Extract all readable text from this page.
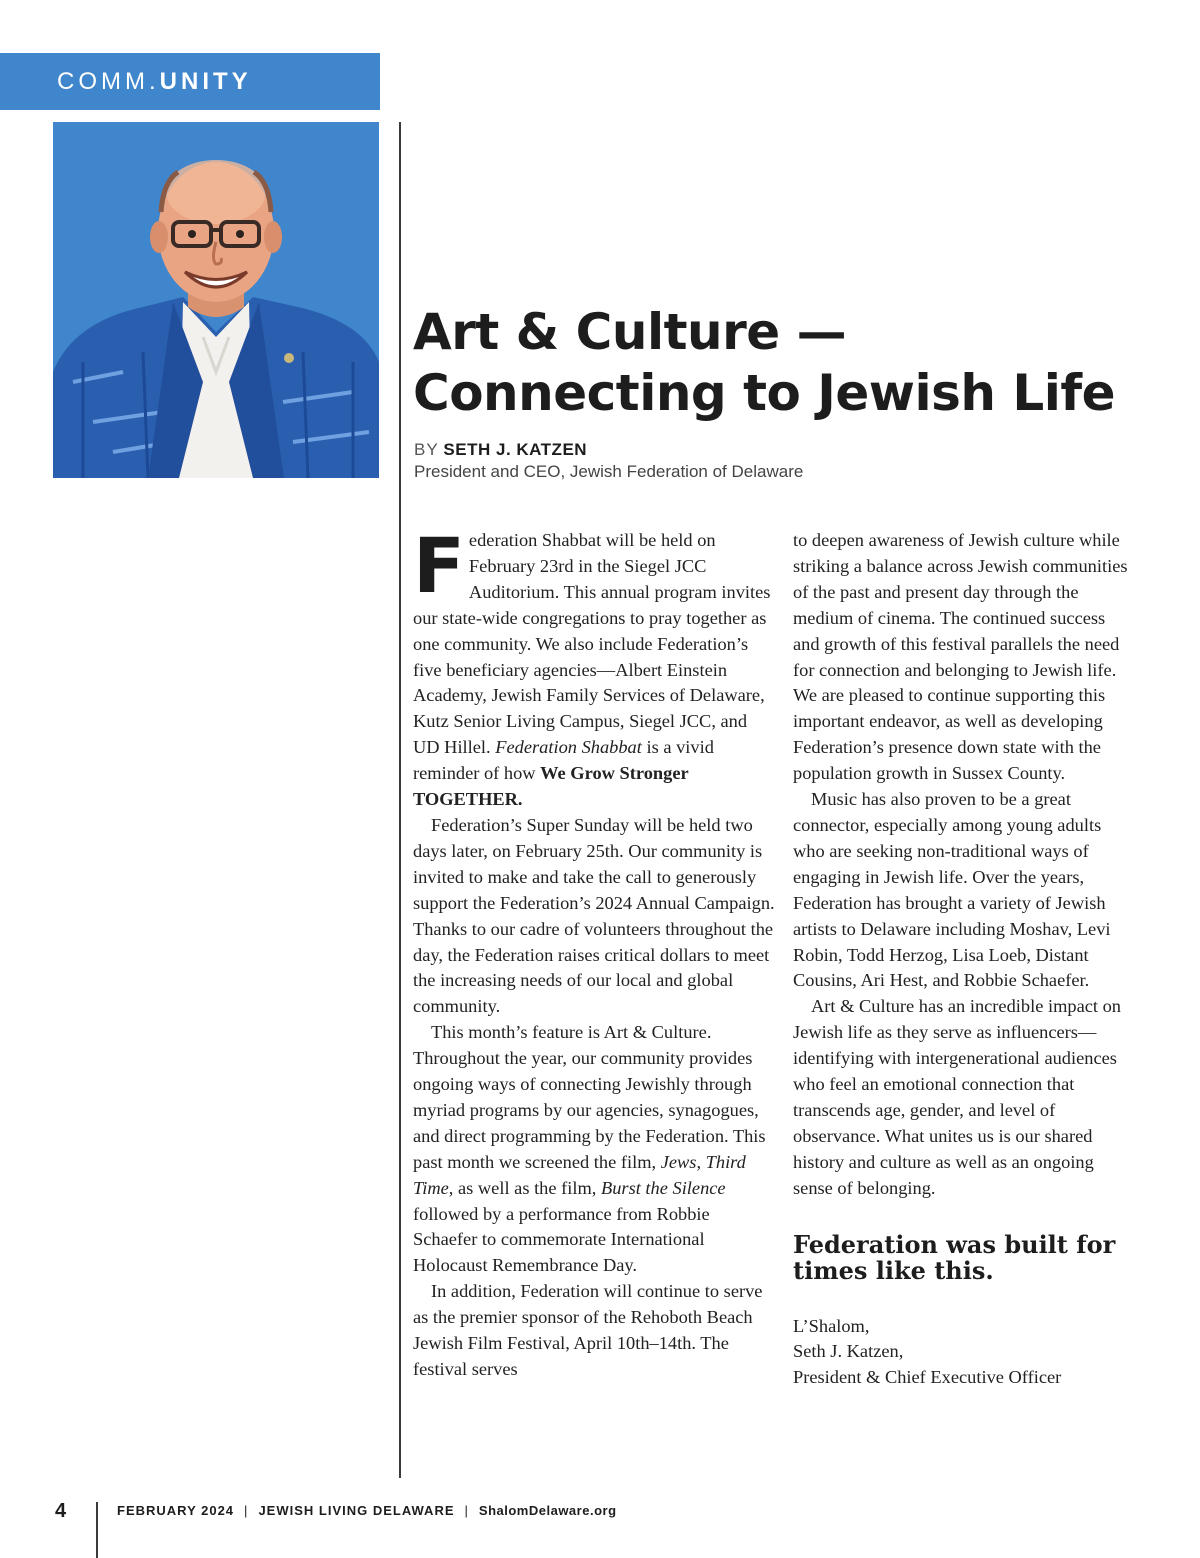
COMM.UNITY
Art & Culture —
Connecting to Jewish Life
BY SETH J. KATZEN
President and CEO, Jewish Federation of Delaware

Federation Shabbat will be held on February 23rd in the Siegel JCC Auditorium. This annual program invites our state-wide congregations to pray together as one community. We also include Federation’s five beneficiary agencies—Albert Einstein Academy, Jewish Family Services of Delaware, Kutz Senior Living Campus, Siegel JCC, and UD Hillel. Federation Shabbat is a vivid reminder of how We Grow Stronger TOGETHER.

Federation’s Super Sunday will be held two days later, on February 25th. Our community is invited to make and take the call to generously support the Federation’s 2024 Annual Campaign. Thanks to our cadre of volunteers throughout the day, the Federation raises critical dollars to meet the increasing needs of our local and global community.

This month’s feature is Art & Culture. Throughout the year, our community provides ongoing ways of connecting Jewishly through myriad programs by our agencies, synagogues, and direct programming by the Federation. This past month we screened the film, Jews, Third Time, as well as the film, Burst the Silence followed by a performance from Robbie Schaefer to commemorate International Holocaust Remembrance Day.

In addition, Federation will continue to serve as the premier sponsor of the Rehoboth Beach Jewish Film Festival, April 10th–14th. The festival serves

to deepen awareness of Jewish culture while striking a balance across Jewish communities of the past and present day through the medium of cinema. The continued success and growth of this festival parallels the need for connection and belonging to Jewish life. We are pleased to continue supporting this important endeavor, as well as developing Federation’s presence down state with the population growth in Sussex County.

Music has also proven to be a great connector, especially among young adults who are seeking non-traditional ways of engaging in Jewish life. Over the years, Federation has brought a variety of Jewish artists to Delaware including Moshav, Levi Robin, Todd Herzog, Lisa Loeb, Distant Cousins, Ari Hest, and Robbie Schaefer.

Art & Culture has an incredible impact on Jewish life as they serve as influencers—identifying with intergenerational audiences who feel an emotional connection that transcends age, gender, and level of observance. What unites us is our shared history and culture as well as an ongoing sense of belonging.

Federation was built for
times like this.
L’Shalom,
Seth J. Katzen,
President & Chief Executive Officer
4	FEBRUARY 2024 | JEWISH LIVING DELAWARE | ShalomDelaware.org
